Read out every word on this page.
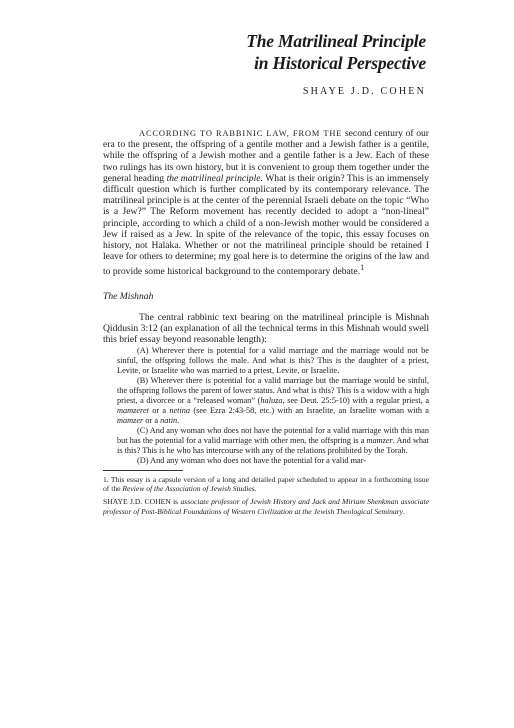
The Matrilineal Principle
in Historical Perspective
SHAYE J.D. COHEN

ACCORDING TO RABBINIC LAW, FROM THE second century of our era to the present, the offspring of a gentile mother and a Jewish father is a gentile, while the offspring of a Jewish mother and a gentile father is a Jew. Each of these two rulings has its own history, but it is convenient to group them together under the general heading the matrilineal principle. What is their origin? This is an immensely difficult question which is further complicated by its contemporary relevance. The matrilineal principle is at the center of the perennial Israeli debate on the topic “Who is a Jew?” The Reform movement has recently decided to adopt a “non-lineal” principle, according to which a child of a non-Jewish mother would be considered a Jew if raised as a Jew. In spite of the relevance of the topic, this essay focuses on history, not Halaka. Whether or not the matrilineal principle should be retained I leave for others to determine; my goal here is to determine the origins of the law and to provide some historical background to the contemporary debate.$^1$

The Mishnah

The central rabbinic text bearing on the matrilineal principle is Mishnah Qiddusin 3:12 (an explanation of all the technical terms in this Mishnah would swell this brief essay beyond reasonable length):

(A) Wherever there is potential for a valid marriage and the marriage would not be sinful, the offspring follows the male. And what is this? This is the daughter of a priest, Levite, or Israelite who was married to a priest, Levite, or Israelite.

(B) Wherever there is potential for a valid marriage but the marriage would be sinful, the offspring follows the parent of lower status. And what is this? This is a widow with a high priest, a divorcee or a “released woman” (haluza, see Deut. 25:5-10) with a regular priest, a mamzeret or a netina (see Ezra 2:43-58, etc.) with an Israelite, an Israelite woman with a mamzer or a natin.

(C) And any woman who does not have the potential for a valid marriage with this man but has the potential for a valid marriage with other men, the offspring is a mamzer. And what is this? This is he who has intercourse with any of the relations prohibited by the Torah.

(D) And any woman who does not have the potential for a valid mar-

1. This essay is a capsule version of a long and detailed paper scheduled to appear in a forthcoming issue of the Review of the Association of Jewish Studies.

SHAYE J.D. COHEN is associate professor of Jewish History and Jack and Miriam Shenkman associate professor of Post-Biblical Foundations of Western Civilization at the Jewish Theological Seminary.
